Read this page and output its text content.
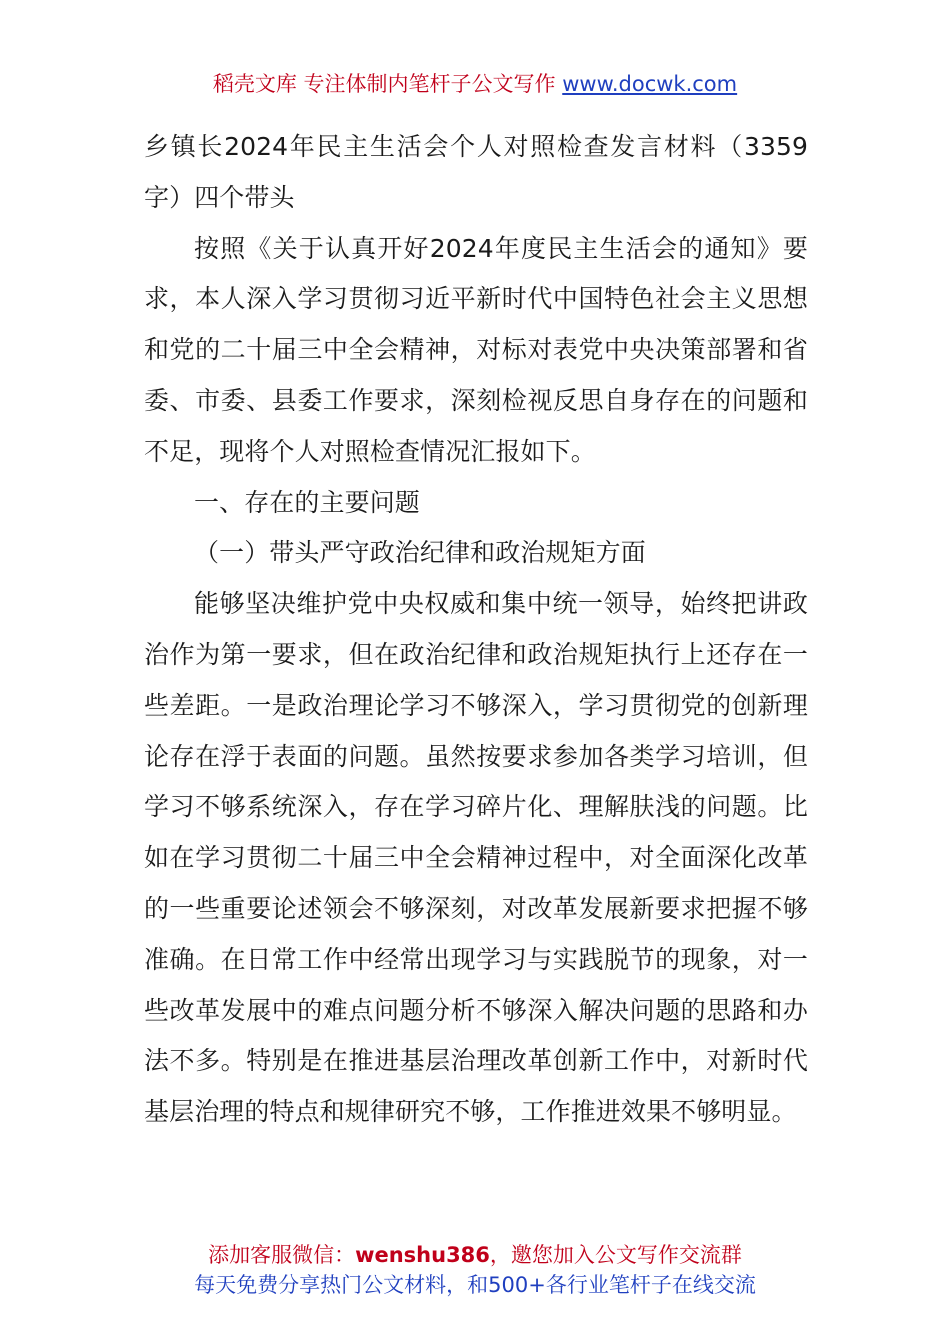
稻壳文库 专注体制内笔杆子公文写作 www.docwk.com

乡镇长2024年民主生活会个人对照检查发言材料（3359字）四个带头

按照《关于认真开好2024年度民主生活会的通知》要求，本人深入学习贯彻习近平新时代中国特色社会主义思想和党的二十届三中全会精神，对标对表党中央决策部署和省委、市委、县委工作要求，深刻检视反思自身存在的问题和不足，现将个人对照检查情况汇报如下。

一、存在的主要问题

（一）带头严守政治纪律和政治规矩方面

能够坚决维护党中央权威和集中统一领导，始终把讲政治作为第一要求，但在政治纪律和政治规矩执行上还存在一些差距。一是政治理论学习不够深入，学习贯彻党的创新理论存在浮于表面的问题。虽然按要求参加各类学习培训，但学习不够系统深入，存在学习碎片化、理解肤浅的问题。比如在学习贯彻二十届三中全会精神过程中，对全面深化改革的一些重要论述领会不够深刻，对改革发展新要求把握不够准确。在日常工作中经常出现学习与实践脱节的现象，对一些改革发展中的难点问题分析不够深入解决问题的思路和办法不多。特别是在推进基层治理改革创新工作中，对新时代基层治理的特点和规律研究不够，工作推进效果不够明显。

添加客服微信：wenshu386，邀您加入公文写作交流群
每天免费分享热门公文材料，和500+各行业笔杆子在线交流
